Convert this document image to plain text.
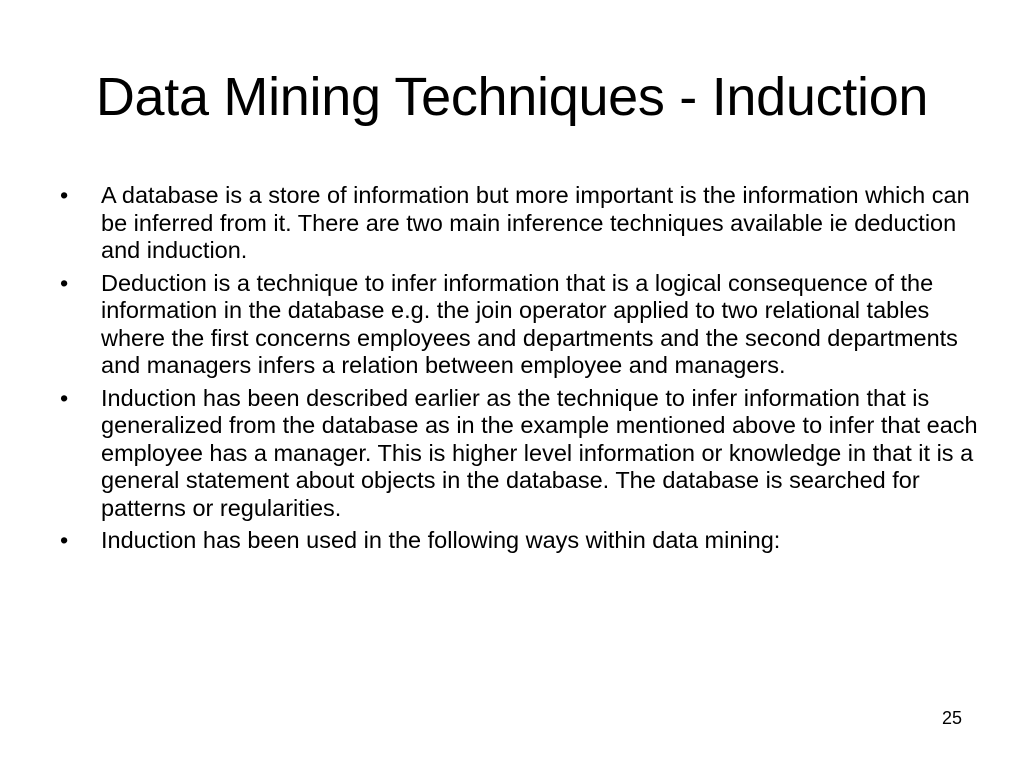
Data Mining Techniques - Induction
•	A database is a store of information but more important is the information which can be inferred from it. There are two main inference techniques available ie deduction and induction.
•	Deduction is a technique to infer information that is a logical consequence of the information in the database e.g. the join operator applied to two relational tables where the first concerns employees and departments and the second departments and managers infers a relation between employee and managers.
•	Induction has been described earlier as the technique to infer information that is generalized from the database as in the example mentioned above to infer that each employee has a manager. This is higher level information or knowledge in that it is a general statement about objects in the database. The database is searched for patterns or regularities.
•	Induction has been used in the following ways within data mining:
25
